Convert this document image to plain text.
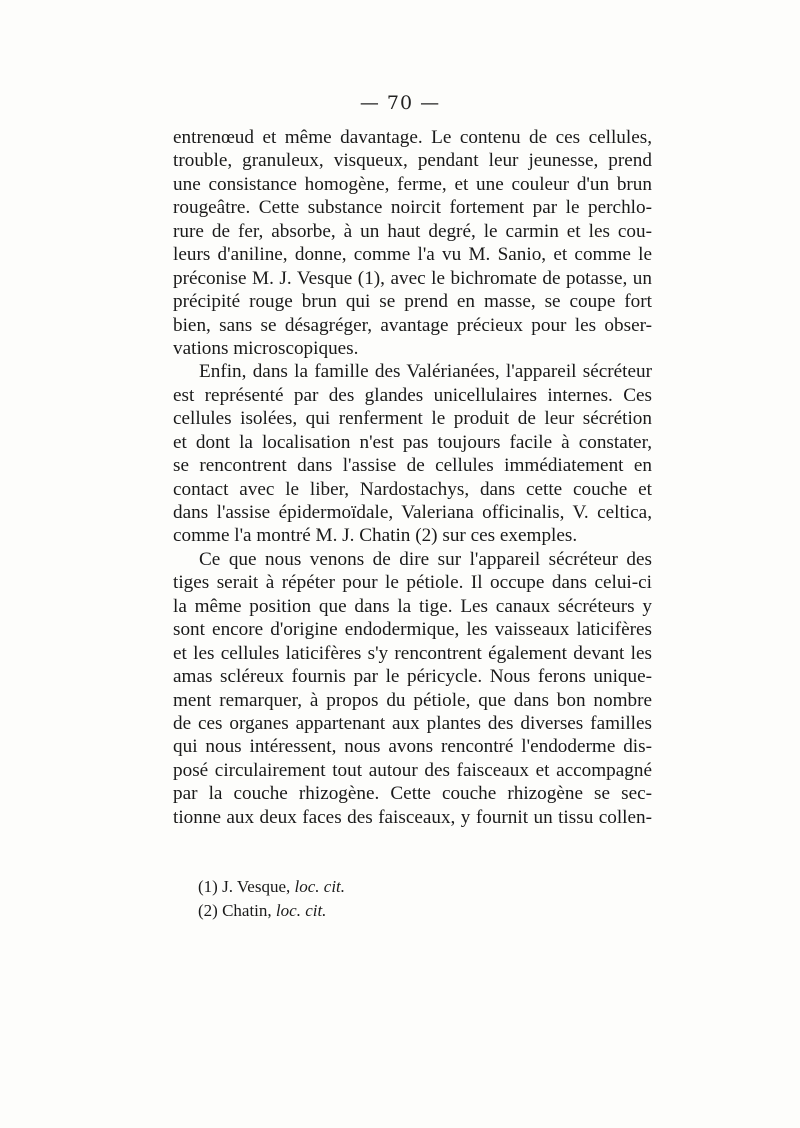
— 70 —
entrenœud et même davantage. Le contenu de ces cellules,
trouble, granuleux, visqueux, pendant leur jeunesse, prend
une consistance homogène, ferme, et une couleur d'un brun
rougeâtre. Cette substance noircit fortement par le perchlo-
rure de fer, absorbe, à un haut degré, le carmin et les cou-
leurs d'aniline, donne, comme l'a vu M. Sanio, et comme le
préconise M. J. Vesque (1), avec le bichromate de potasse, un
précipité rouge brun qui se prend en masse, se coupe fort
bien, sans se désagréger, avantage précieux pour les obser-
vations microscopiques.
Enfin, dans la famille des Valérianées, l'appareil sécréteur
est représenté par des glandes unicellulaires internes. Ces
cellules isolées, qui renferment le produit de leur sécrétion
et dont la localisation n'est pas toujours facile à constater,
se rencontrent dans l'assise de cellules immédiatement en
contact avec le liber, Nardostachys, dans cette couche et
dans l'assise épidermoïdale, Valeriana officinalis, V. celtica,
comme l'a montré M. J. Chatin (2) sur ces exemples.
Ce que nous venons de dire sur l'appareil sécréteur des
tiges serait à répéter pour le pétiole. Il occupe dans celui-ci
la même position que dans la tige. Les canaux sécréteurs y
sont encore d'origine endodermique, les vaisseaux laticifères
et les cellules laticifères s'y rencontrent également devant les
amas scléreux fournis par le péricycle. Nous ferons unique-
ment remarquer, à propos du pétiole, que dans bon nombre
de ces organes appartenant aux plantes des diverses familles
qui nous intéressent, nous avons rencontré l'endoderme dis-
posé circulairement tout autour des faisceaux et accompagné
par la couche rhizogène. Cette couche rhizogène se sec-
tionne aux deux faces des faisceaux, y fournit un tissu collen-
(1) J. Vesque, loc. cit.
(2) Chatin, loc. cit.
